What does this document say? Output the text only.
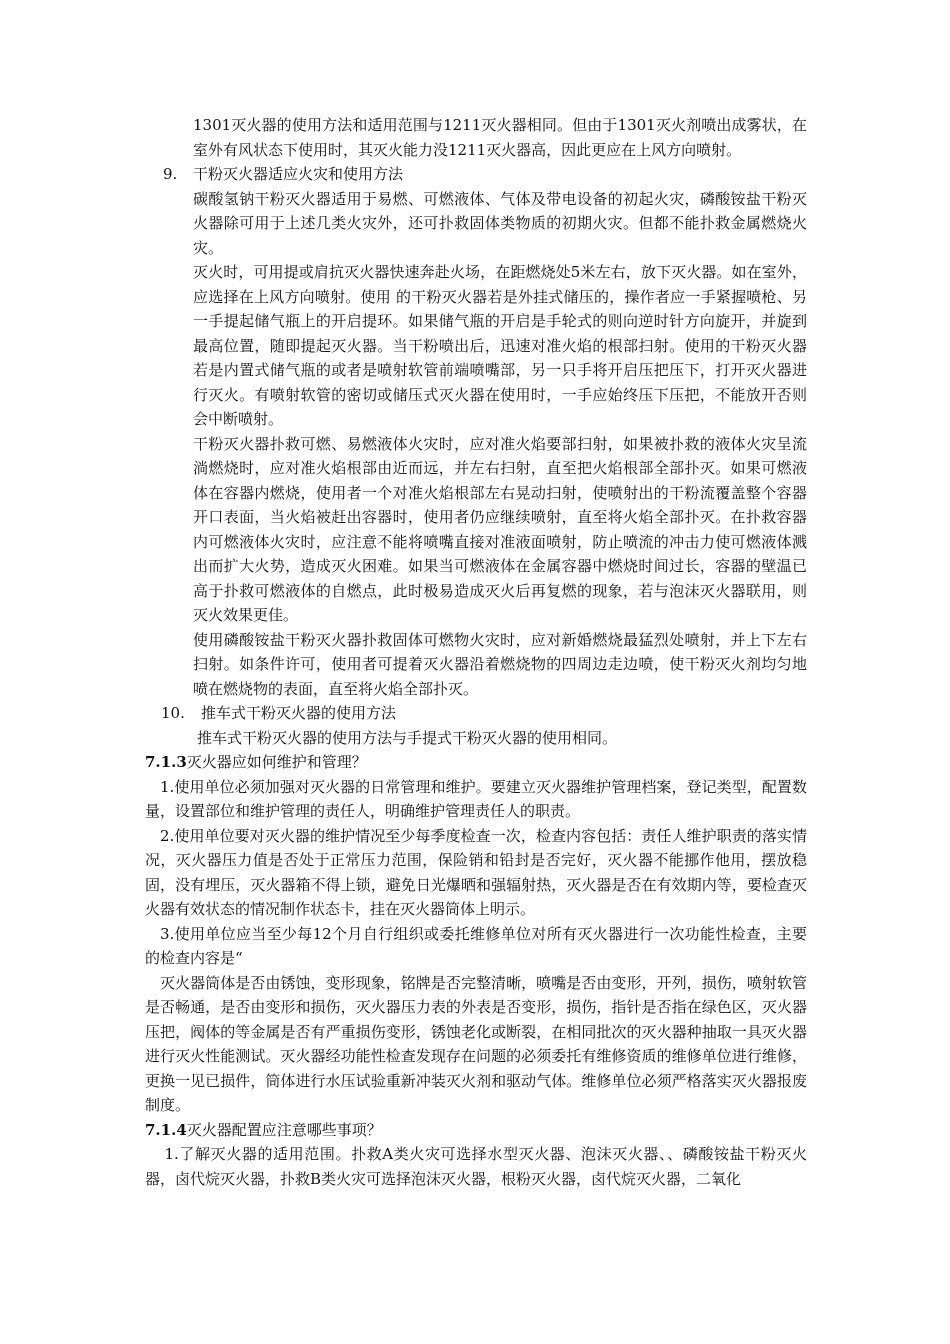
1301灭火器的使用方法和适用范围与1211灭火器相同。但由于1301灭火剂喷出成雾状，在室外有风状态下使用时，其灭火能力没1211灭火器高，因此更应在上风方向喷射。

9. 干粉灭火器适应火灾和使用方法

碳酸氢钠干粉灭火器适用于易燃、可燃液体、气体及带电设备的初起火灾，磷酸铵盐干粉灭火器除可用于上述几类火灾外，还可扑救固体类物质的初期火灾。但都不能扑救金属燃烧火灾。

灭火时，可用提或肩抗灭火器快速奔赴火场，在距燃烧处5米左右，放下灭火器。如在室外，应选择在上风方向喷射。使用 的干粉灭火器若是外挂式储压的，操作者应一手紧握喷枪、另一手提起储气瓶上的开启提环。如果储气瓶的开启是手轮式的则向逆时针方向旋开，并旋到最高位置，随即提起灭火器。当干粉喷出后，迅速对准火焰的根部扫射。使用的干粉灭火器若是内置式储气瓶的或者是喷射软管前端喷嘴部，另一只手将开启压把压下，打开灭火器进行灭火。有喷射软管的密切或储压式灭火器在使用时，一手应始终压下压把，不能放开否则会中断喷射。

干粉灭火器扑救可燃、易燃液体火灾时，应对准火焰要部扫射，如果被扑救的液体火灾呈流淌燃烧时，应对准火焰根部由近而远，并左右扫射，直至把火焰根部全部扑灭。如果可燃液体在容器内燃烧，使用者一个对准火焰根部左右晃动扫射，使喷射出的干粉流覆盖整个容器开口表面，当火焰被赶出容器时，使用者仍应继续喷射，直至将火焰全部扑灭。在扑救容器内可燃液体火灾时，应注意不能将喷嘴直接对准液面喷射，防止喷流的冲击力使可燃液体溅出而扩大火势，造成灭火困难。如果当可燃液体在金属容器中燃烧时间过长，容器的壁温已高于扑救可燃液体的自燃点，此时极易造成灭火后再复燃的现象，若与泡沫灭火器联用，则灭火效果更佳。

使用磷酸铵盐干粉灭火器扑救固体可燃物火灾时，应对新婚燃烧最猛烈处喷射，并上下左右扫射。如条件许可，使用者可提着灭火器沿着燃烧物的四周边走边喷，使干粉灭火剂均匀地喷在燃烧物的表面，直至将火焰全部扑灭。

10. 推车式干粉灭火器的使用方法

推车式干粉灭火器的使用方法与手提式干粉灭火器的使用相同。

7.1.3灭火器应如何维护和管理？

1.使用单位必须加强对灭火器的日常管理和维护。要建立灭火器维护管理档案，登记类型，配置数量，设置部位和维护管理的责任人，明确维护管理责任人的职责。

2.使用单位要对灭火器的维护情况至少每季度检查一次，检查内容包括：责任人维护职责的落实情况，灭火器压力值是否处于正常压力范围，保险销和铅封是否完好，灭火器不能挪作他用，摆放稳固，没有埋压，灭火器箱不得上锁，避免日光爆晒和强辐射热，灭火器是否在有效期内等，要检查灭火器有效状态的情况制作状态卡，挂在灭火器筒体上明示。

3.使用单位应当至少每12个月自行组织或委托维修单位对所有灭火器进行一次功能性检查，主要的检查内容是“

灭火器筒体是否由锈蚀，变形现象，铭牌是否完整清晰，喷嘴是否由变形，开列，损伤，喷射软管是否畅通，是否由变形和损伤，灭火器压力表的外表是否变形，损伤，指针是否指在绿色区，灭火器压把，阀体的等金属是否有严重损伤变形，锈蚀老化或断裂，在相同批次的灭火器种抽取一具灭火器进行灭火性能测试。灭火器经功能性检查发现存在问题的必须委托有维修资质的维修单位进行维修，更换一见已损件，筒体进行水压试验重新冲装灭火剂和驱动气体。维修单位必须严格落实灭火器报废制度。

7.1.4灭火器配置应注意哪些事项？

1.了解灭火器的适用范围。扑救A类火灾可选择水型灭火器、泡沫灭火器、、磷酸铵盐干粉灭火器，卤代烷灭火器，扑救B类火灾可选择泡沫灭火器，根粉灭火器，卤代烷灭火器，二氧化
